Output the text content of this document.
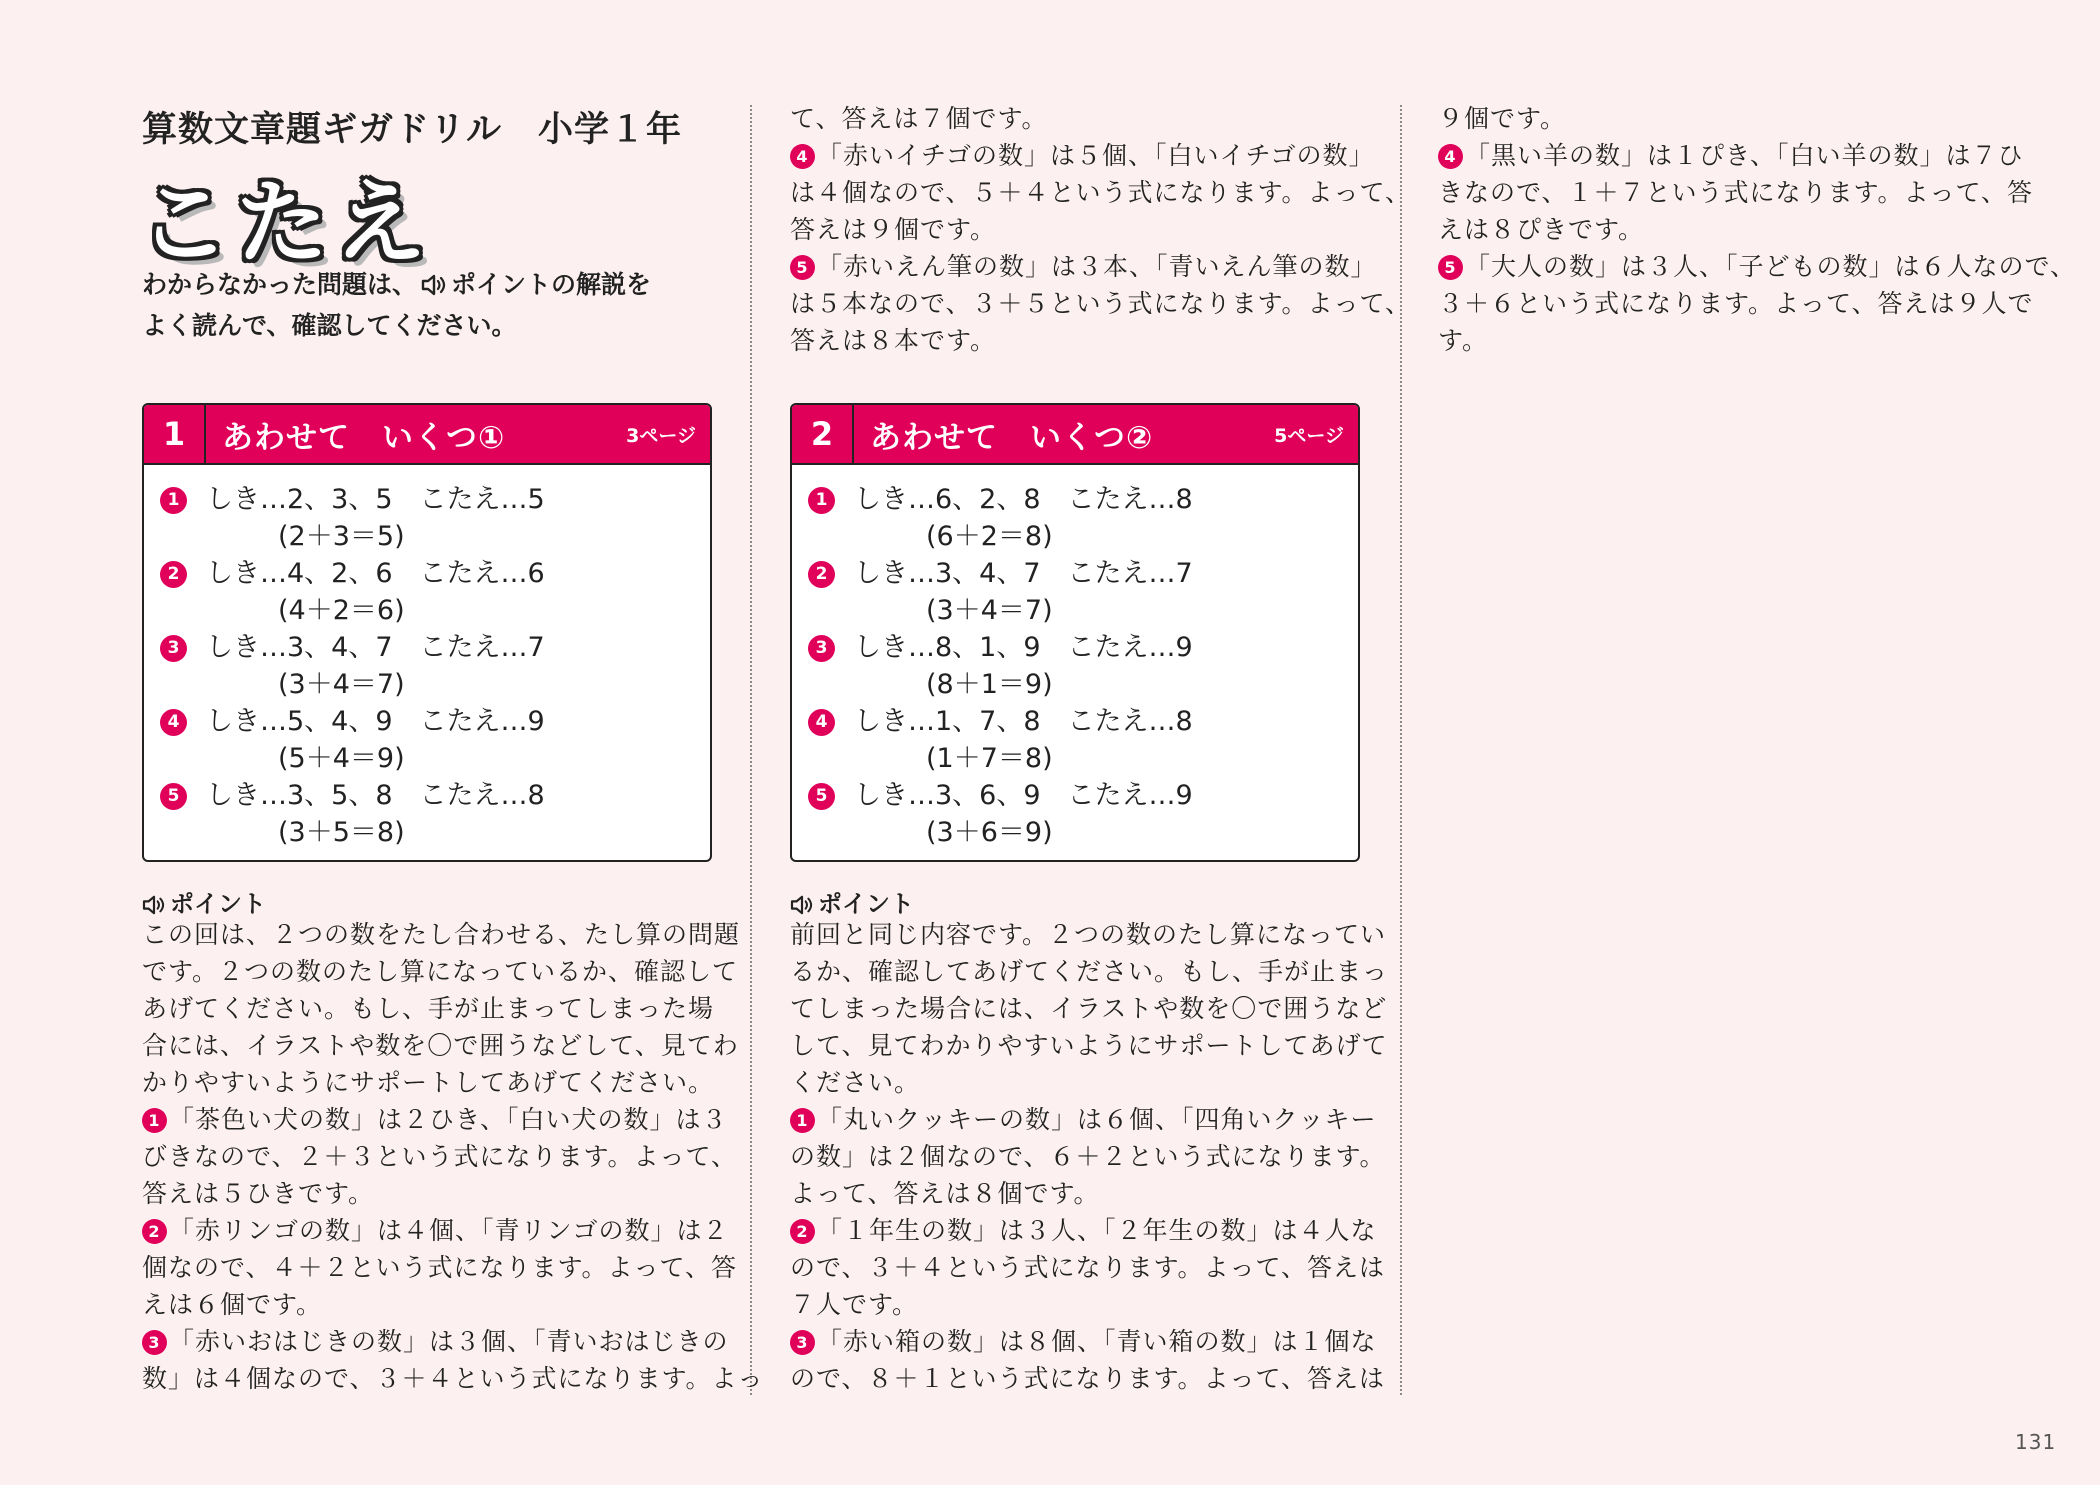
算数文章題ギガドリル　小学１年
こたえ
わからなかった問題は、 ポイントの解説を
よく読んで、確認してください。
1	あわせて　いくつ①	3ページ
1 しき…2、3、5　こたえ…5
(2＋3＝5)
2 しき…4、2、6　こたえ…6
(4＋2＝6)
3 しき…3、4、7　こたえ…7
(3＋4＝7)
4 しき…5、4、9　こたえ…9
(5＋4＝9)
5 しき…3、5、8　こたえ…8
(3＋5＝8)
ポイント
この回は、２つの数をたし合わせる、たし算の問題
です。２つの数のたし算になっているか、確認して
あげてください。もし、手が止まってしまった場
合には、イラストや数を〇で囲うなどして、見てわ
かりやすいようにサポートしてあげてください。
1 「茶色い犬の数」は２ひき、「白い犬の数」は３
びきなので、２＋３という式になります。よって、
答えは５ひきです。
2 「赤リンゴの数」は４個、「青リンゴの数」は２
個なので、４＋２という式になります。よって、答
えは６個です。
3 「赤いおはじきの数」は３個、「青いおはじきの
数」は４個なので、３＋４という式になります。よっ
て、答えは７個です。
4 「赤いイチゴの数」は５個、「白いイチゴの数」
は４個なので、５＋４という式になります。よって、
答えは９個です。
5 「赤いえん筆の数」は３本、「青いえん筆の数」
は５本なので、３＋５という式になります。よって、
答えは８本です。
2	あわせて　いくつ②	5ページ
1 しき…6、2、8　こたえ…8
(6＋2＝8)
2 しき…3、4、7　こたえ…7
(3＋4＝7)
3 しき…8、1、9　こたえ…9
(8＋1＝9)
4 しき…1、7、8　こたえ…8
(1＋7＝8)
5 しき…3、6、9　こたえ…9
(3＋6＝9)
ポイント
前回と同じ内容です。２つの数のたし算になってい
るか、確認してあげてください。もし、手が止まっ
てしまった場合には、イラストや数を〇で囲うなど
して、見てわかりやすいようにサポートしてあげて
ください。
1 「丸いクッキーの数」は６個、「四角いクッキー
の数」は２個なので、６＋２という式になります。
よって、答えは８個です。
2 「１年生の数」は３人、「２年生の数」は４人な
ので、３＋４という式になります。よって、答えは
７人です。
3 「赤い箱の数」は８個、「青い箱の数」は１個な
ので、８＋１という式になります。よって、答えは
９個です。
4 「黒い羊の数」は１ぴき、「白い羊の数」は７ひ
きなので、１＋７という式になります。よって、答
えは８ぴきです。
5 「大人の数」は３人、「子どもの数」は６人なので、
３＋６という式になります。よって、答えは９人で
す。
131
